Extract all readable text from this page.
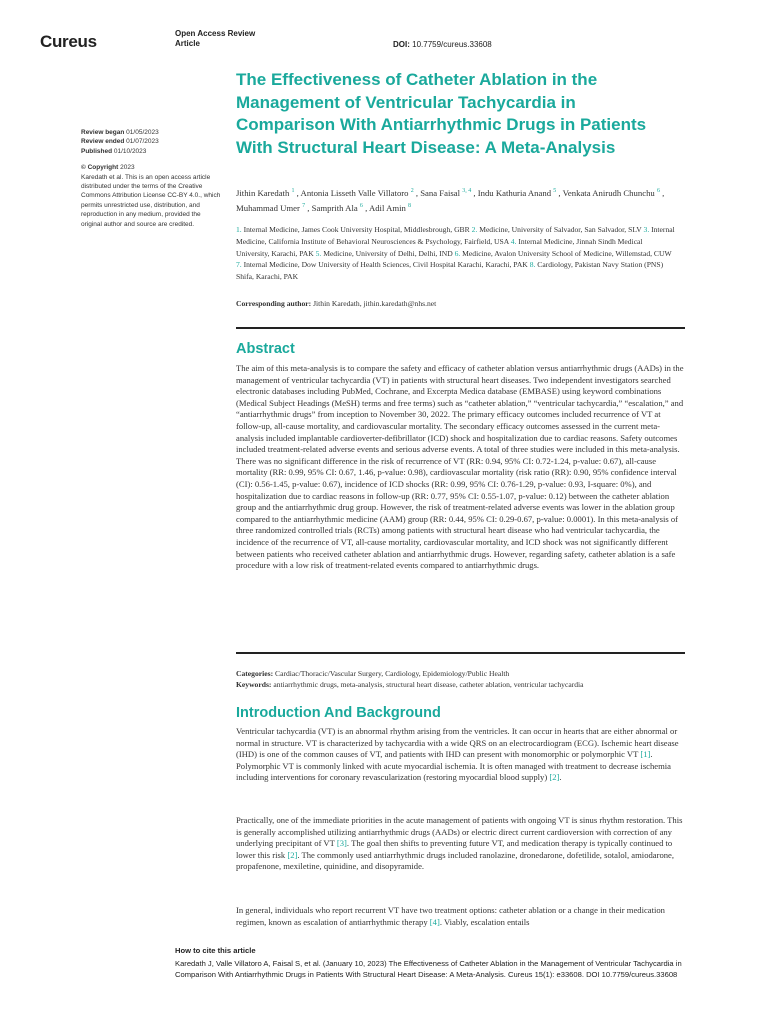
Cureus	Open Access Review
Article	DOI: 10.7759/cureus.33608
Review began 01/05/2023
Review ended 01/07/2023
Published 01/10/2023
© Copyright 2023
Karedath et al. This is an open access article distributed under the terms of the Creative Commons Attribution License CC-BY 4.0., which permits unrestricted use, distribution, and reproduction in any medium, provided the original author and source are credited.
The Effectiveness of Catheter Ablation in the Management of Ventricular Tachycardia in Comparison With Antiarrhythmic Drugs in Patients With Structural Heart Disease: A Meta-Analysis

Jithin Karedath $^1$ , Antonia Lisseth Valle Villatoro $^2$ , Sana Faisal $^{3, 4}$ , Indu Kathuria Anand $^5$ , Venkata Anirudh Chunchu $^6$ , Muhammad Umer $^7$ , Samprith Ala $^6$ , Adil Amin $^8$

1. Internal Medicine, James Cook University Hospital, Middlesbrough, GBR 2. Medicine, University of Salvador, San Salvador, SLV 3. Internal Medicine, California Institute of Behavioral Neurosciences & Psychology, Fairfield, USA 4. Internal Medicine, Jinnah Sindh Medical University, Karachi, PAK 5. Medicine, University of Delhi, Delhi, IND 6. Medicine, Avalon University School of Medicine, Willemstad, CUW 7. Internal Medicine, Dow University of Health Sciences, Civil Hospital Karachi, Karachi, PAK 8. Cardiology, Pakistan Navy Station (PNS) Shifa, Karachi, PAK

Corresponding author: Jithin Karedath, jithin.karedath@nhs.net
Abstract

The aim of this meta-analysis is to compare the safety and efficacy of catheter ablation versus antiarrhythmic drugs (AADs) in the management of ventricular tachycardia (VT) in patients with structural heart diseases. Two independent investigators searched electronic databases including PubMed, Cochrane, and Excerpta Medica database (EMBASE) using keyword combinations (Medical Subject Headings (MeSH) terms and free terms) such as “catheter ablation,” “ventricular tachycardia,” “escalation,” and “antiarrhythmic drugs” from inception to November 30, 2022. The primary efficacy outcomes included recurrence of VT at follow-up, all-cause mortality, and cardiovascular mortality. The secondary efficacy outcomes assessed in the current meta-analysis included implantable cardioverter-defibrillator (ICD) shock and hospitalization due to cardiac reasons. Safety outcomes included treatment-related adverse events and serious adverse events. A total of three studies were included in this meta-analysis. There was no significant difference in the risk of recurrence of VT (RR: 0.94, 95% CI: 0.72-1.24, p-value: 0.67), all-cause mortality (RR: 0.99, 95% CI: 0.67, 1.46, p-value: 0.98), cardiovascular mortality (risk ratio (RR): 0.90, 95% confidence interval (CI): 0.56-1.45, p-value: 0.67), incidence of ICD shocks (RR: 0.99, 95% CI: 0.76-1.29, p-value: 0.93, I-square: 0%), and hospitalization due to cardiac reasons in follow-up (RR: 0.77, 95% CI: 0.55-1.07, p-value: 0.12) between the catheter ablation group and the antiarrhythmic drug group. However, the risk of treatment-related adverse events was lower in the ablation group compared to the antiarrhythmic medicine (AAM) group (RR: 0.44, 95% CI: 0.29-0.67, p-value: 0.0001). In this meta-analysis of three randomized controlled trials (RCTs) among patients with structural heart disease who had ventricular tachycardia, the incidence of the recurrence of VT, all-cause mortality, cardiovascular mortality, and ICD shock was not significantly different between patients who received catheter ablation and antiarrhythmic drugs. However, regarding safety, catheter ablation is a safe procedure with a low risk of treatment-related events compared to antiarrhythmic drugs.

Categories: Cardiac/Thoracic/Vascular Surgery, Cardiology, Epidemiology/Public Health
Keywords: antiarrhythmic drugs, meta-analysis, structural heart disease, catheter ablation, ventricular tachycardia
Introduction And Background

Ventricular tachycardia (VT) is an abnormal rhythm arising from the ventricles. It can occur in hearts that are either abnormal or normal in structure. VT is characterized by tachycardia with a wide QRS on an electrocardiogram (ECG). Ischemic heart disease (IHD) is one of the common causes of VT, and patients with IHD can present with monomorphic or polymorphic VT [1]. Polymorphic VT is commonly linked with acute myocardial ischemia. It is often managed with treatment to decrease ischemia including interventions for coronary revascularization (restoring myocardial blood supply) [2].

Practically, one of the immediate priorities in the acute management of patients with ongoing VT is sinus rhythm restoration. This is generally accomplished utilizing antiarrhythmic drugs (AADs) or electric direct current cardioversion with correction of any underlying precipitant of VT [3]. The goal then shifts to preventing future VT, and medication therapy is typically continued to lower this risk [2]. The commonly used antiarrhythmic drugs included ranolazine, dronedarone, dofetilide, sotalol, amiodarone, propafenone, mexiletine, quinidine, and disopyramide.

In general, individuals who report recurrent VT have two treatment options: catheter ablation or a change in their medication regimen, known as escalation of antiarrhythmic therapy [4]. Viably, escalation entails

How to cite this article
Karedath J, Valle Villatoro A, Faisal S, et al. (January 10, 2023) The Effectiveness of Catheter Ablation in the Management of Ventricular Tachycardia in Comparison With Antiarrhythmic Drugs in Patients With Structural Heart Disease: A Meta-Analysis. Cureus 15(1): e33608. DOI 10.7759/cureus.33608
